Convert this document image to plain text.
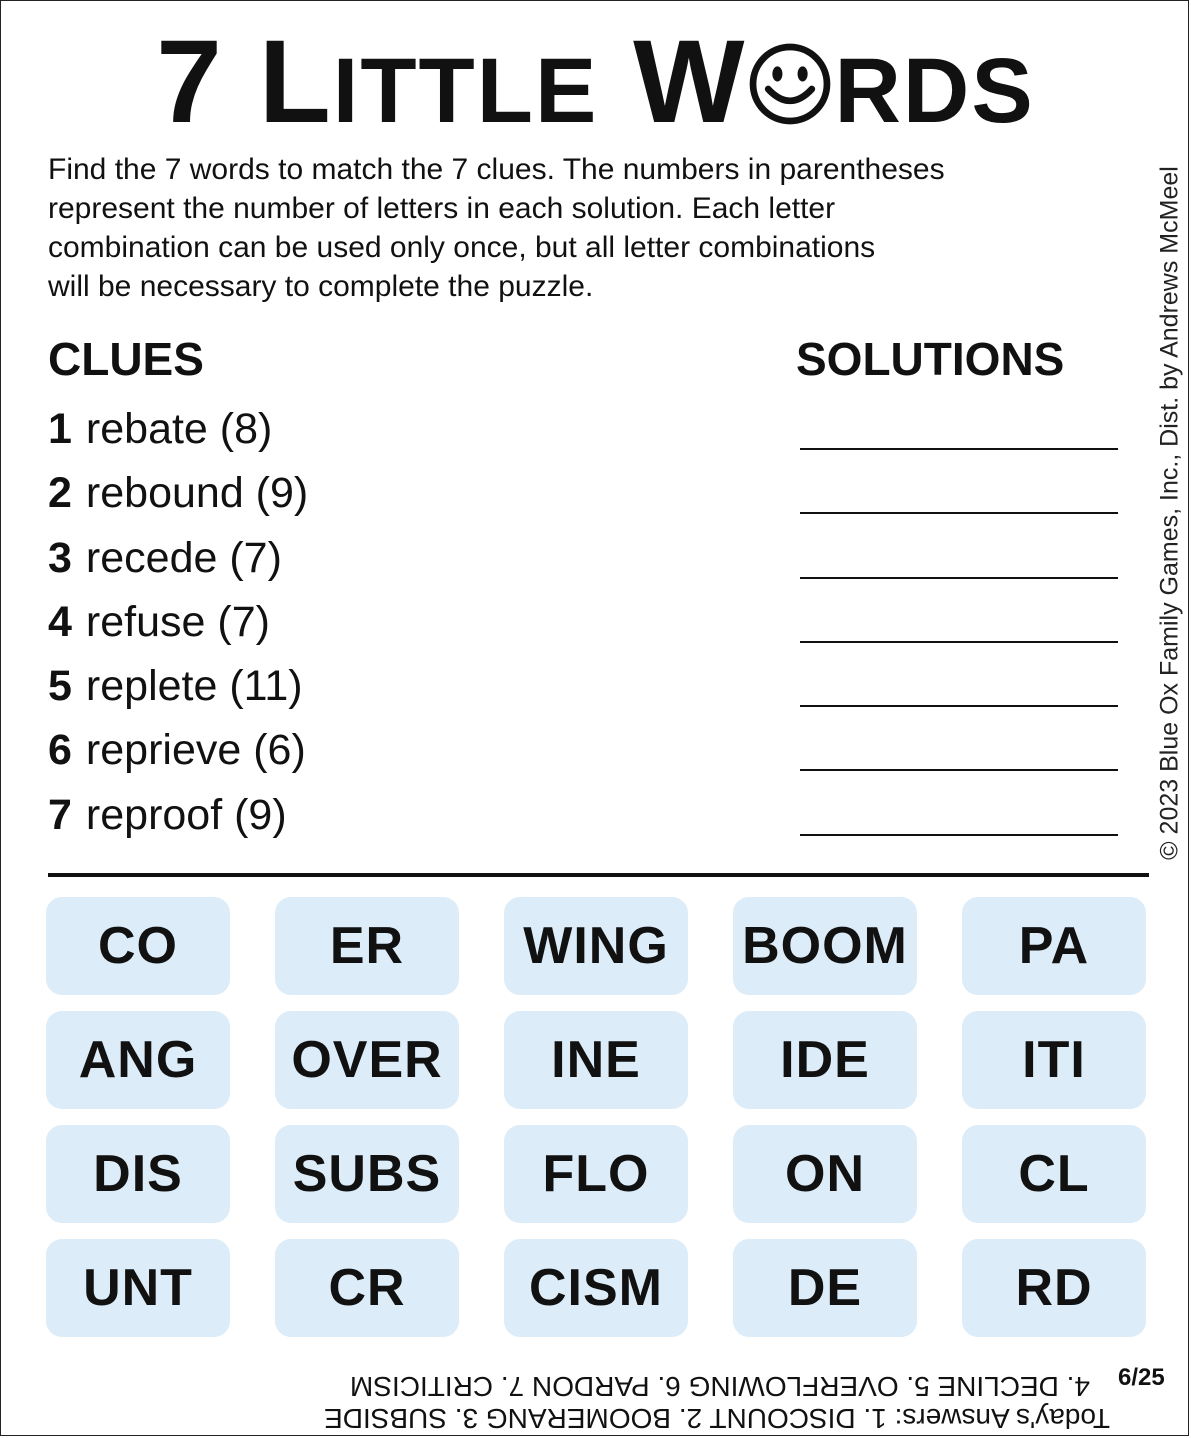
7 LITTLE W RDS
Find the 7 words to match the 7 clues. The numbers in parentheses
represent the number of letters in each solution. Each letter
combination can be used only once, but all letter combinations
will be necessary to complete the puzzle.	© 2023 Blue Ox Family Games, Inc., Dist. by Andrews McMeel
CLUES	SOLUTIONS
1 rebate (8)
2 rebound (9)
3 recede (7)
4 refuse (7)
5 replete (11)
6 reprieve (6)
7 reproof (9)
CO	ER	WING	BOOM	PA
ANG	OVER	INE	IDE	ITI
DIS	SUBS	FLO	ON	CL
UNT	CR	CISM	DE	RD
Today's Answers: 1. DISCOUNT 2. BOOMERANG 3. SUBSIDE
4. DECLINE 5. OVERFLOWING 6. PARDON 7. CRITICISM	6/25
